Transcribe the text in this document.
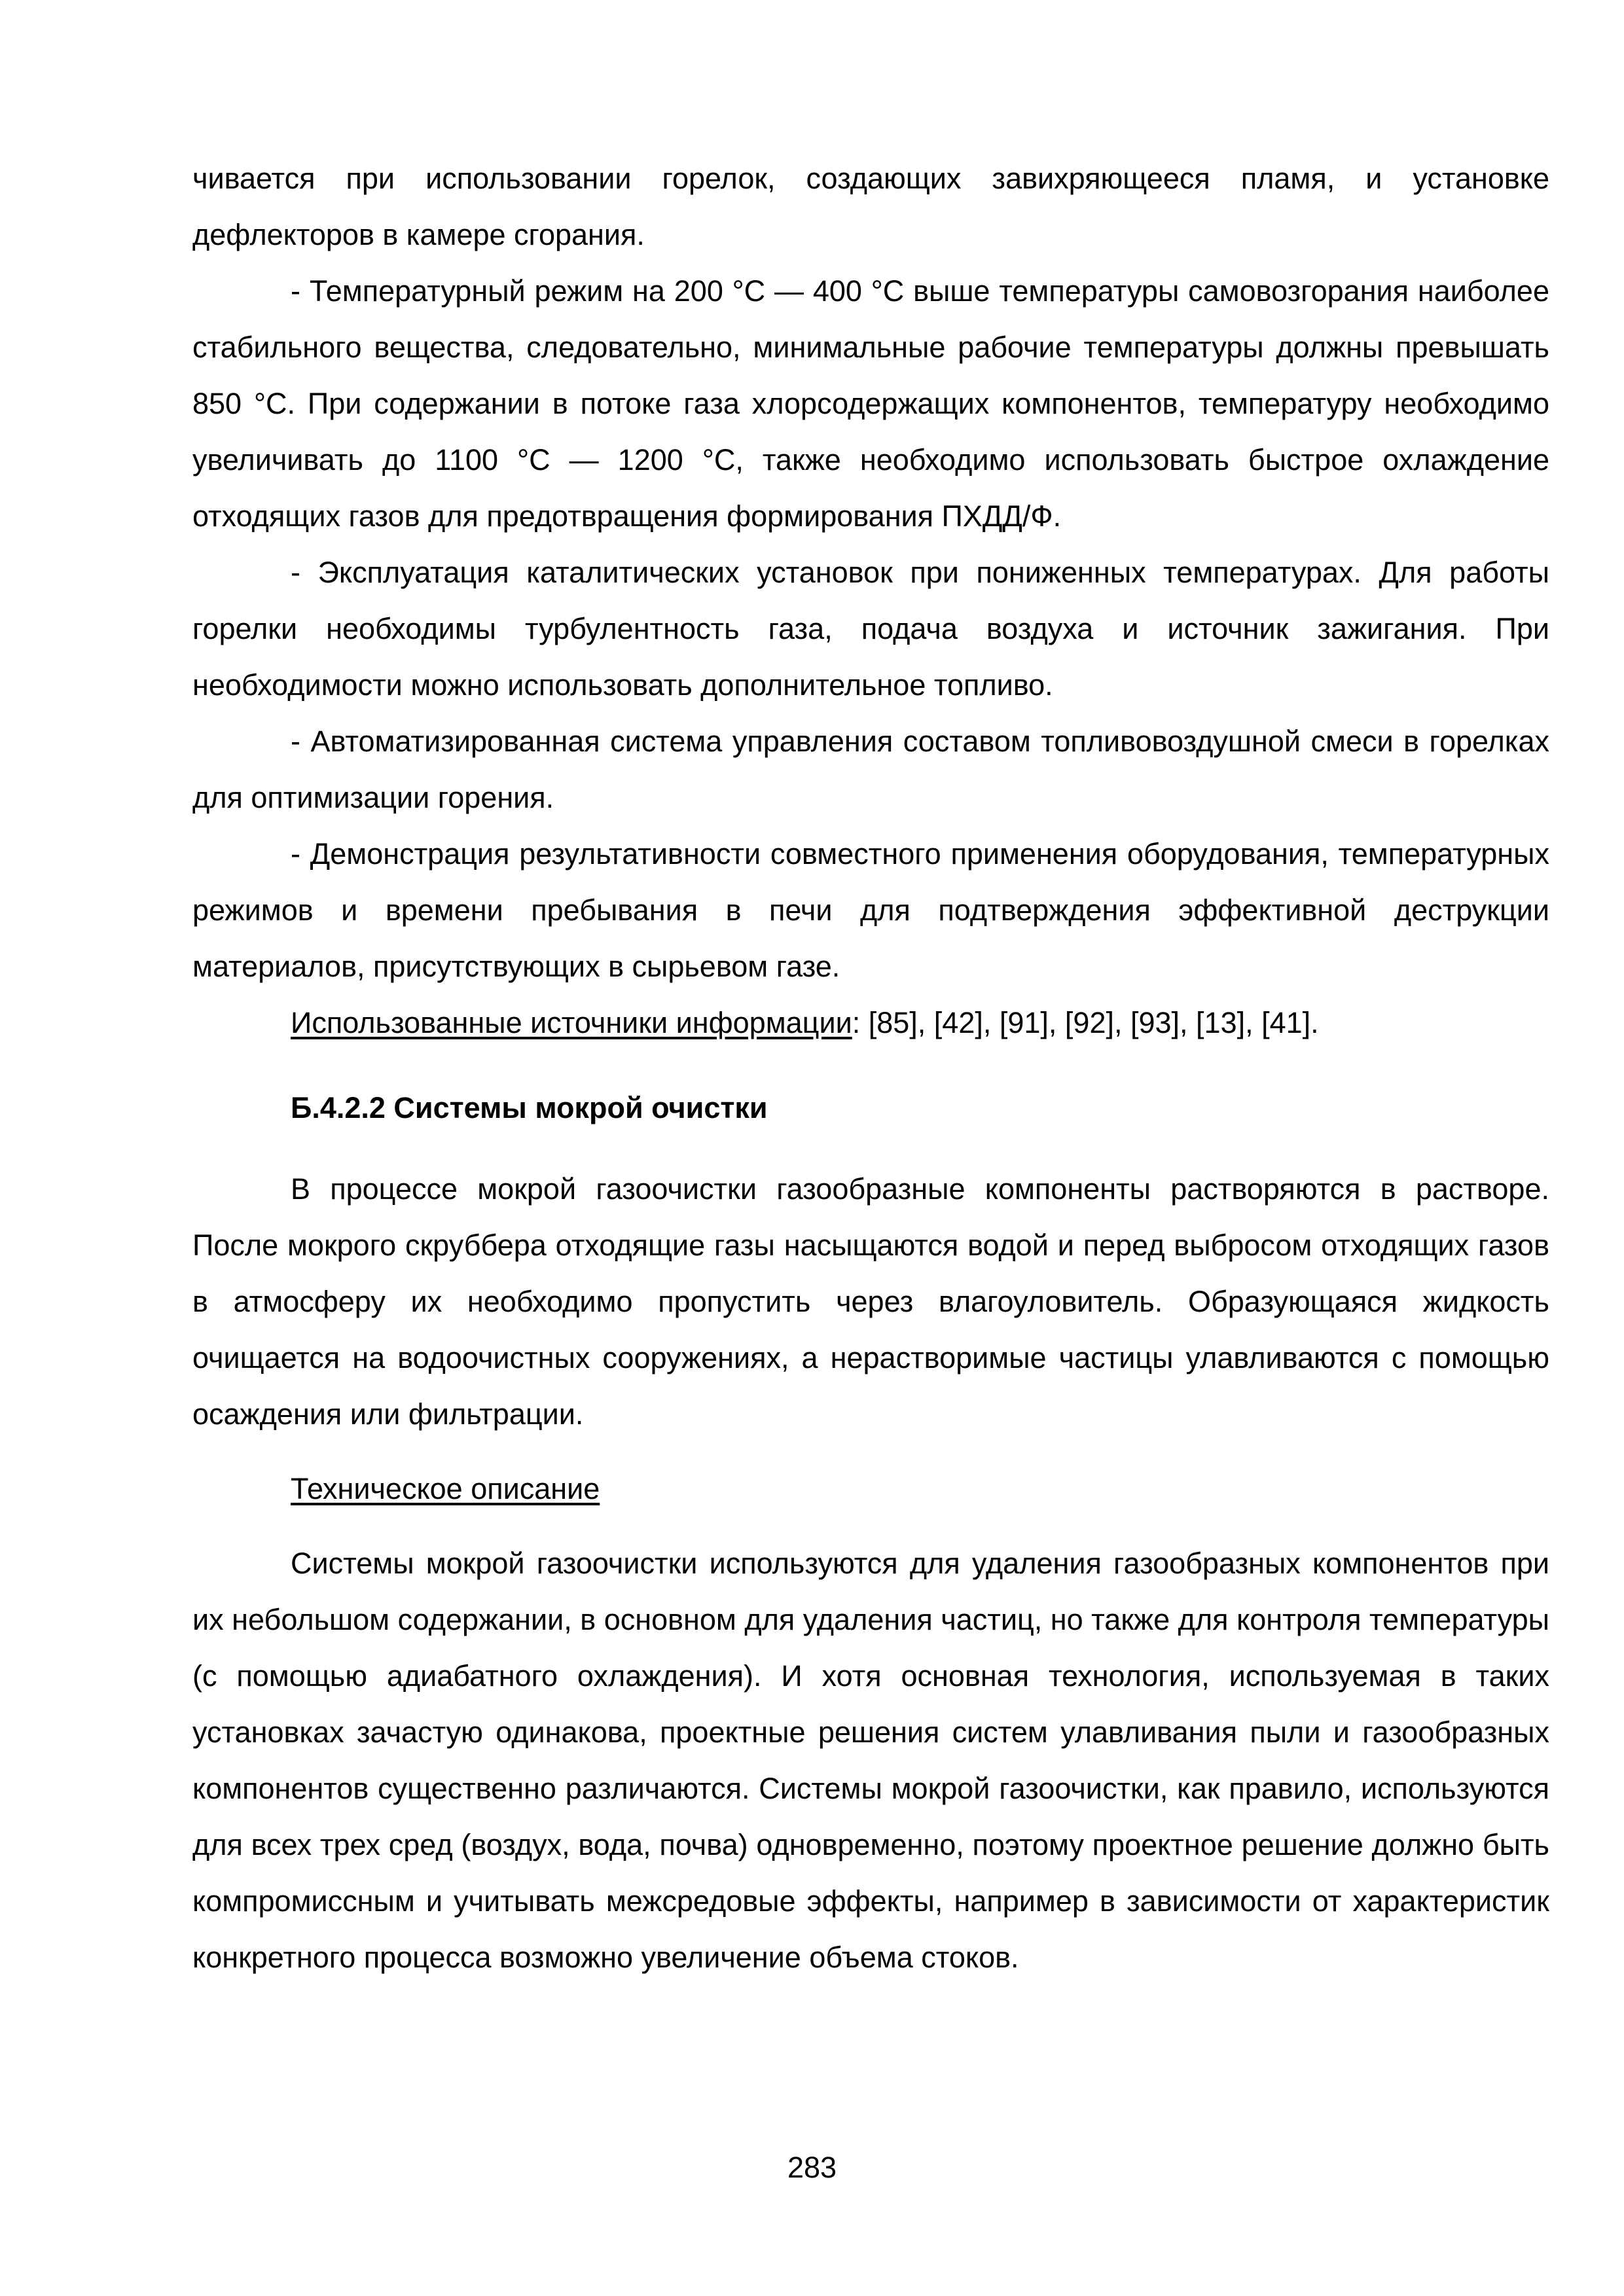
чивается при использовании горелок, создающих завихряющееся пламя, и установке дефлекторов в камере сгорания.

- Температурный режим на 200 °С — 400 °С выше температуры самовозгорания наиболее стабильного вещества, следовательно, минимальные рабочие температуры должны превышать 850 °С. При содержании в потоке газа хлорсодержащих компонентов, температуру необходимо увеличивать до 1100 °С — 1200 °С, также необходимо использовать быстрое охлаждение отходящих газов для предотвращения формирования ПХДД/Ф.

- Эксплуатация каталитических установок при пониженных температурах. Для работы горелки необходимы турбулентность газа, подача воздуха и источник зажигания. При необходимости можно использовать дополнительное топливо.

- Автоматизированная система управления составом топливовоздушной смеси в горелках для оптимизации горения.

- Демонстрация результативности совместного применения оборудования, температурных режимов и времени пребывания в печи для подтверждения эффективной деструкции материалов, присутствующих в сырьевом газе.

Использованные источники информации: [85], [42], [91], [92], [93], [13], [41].

Б.4.2.2 Системы мокрой очистки

В процессе мокрой газоочистки газообразные компоненты растворяются в растворе. После мокрого скруббера отходящие газы насыщаются водой и перед выбросом отходящих газов в атмосферу их необходимо пропустить через влагоуловитель. Образующаяся жидкость очищается на водоочистных сооружениях, а нерастворимые частицы улавливаются с помощью осаждения или фильтрации.

Техническое описание

Системы мокрой газоочистки используются для удаления газообразных компонентов при их небольшом содержании, в основном для удаления частиц, но также для контроля температуры (с помощью адиабатного охлаждения). И хотя основная технология, используемая в таких установках зачастую одинакова, проектные решения систем улавливания пыли и газообразных компонентов существенно различаются. Системы мокрой газоочистки, как правило, используются для всех трех сред (воздух, вода, почва) одновременно, поэтому проектное решение должно быть компромиссным и учитывать межсредовые эффекты, например в зависимости от характеристик конкретного процесса возможно увеличение объема стоков.

283
